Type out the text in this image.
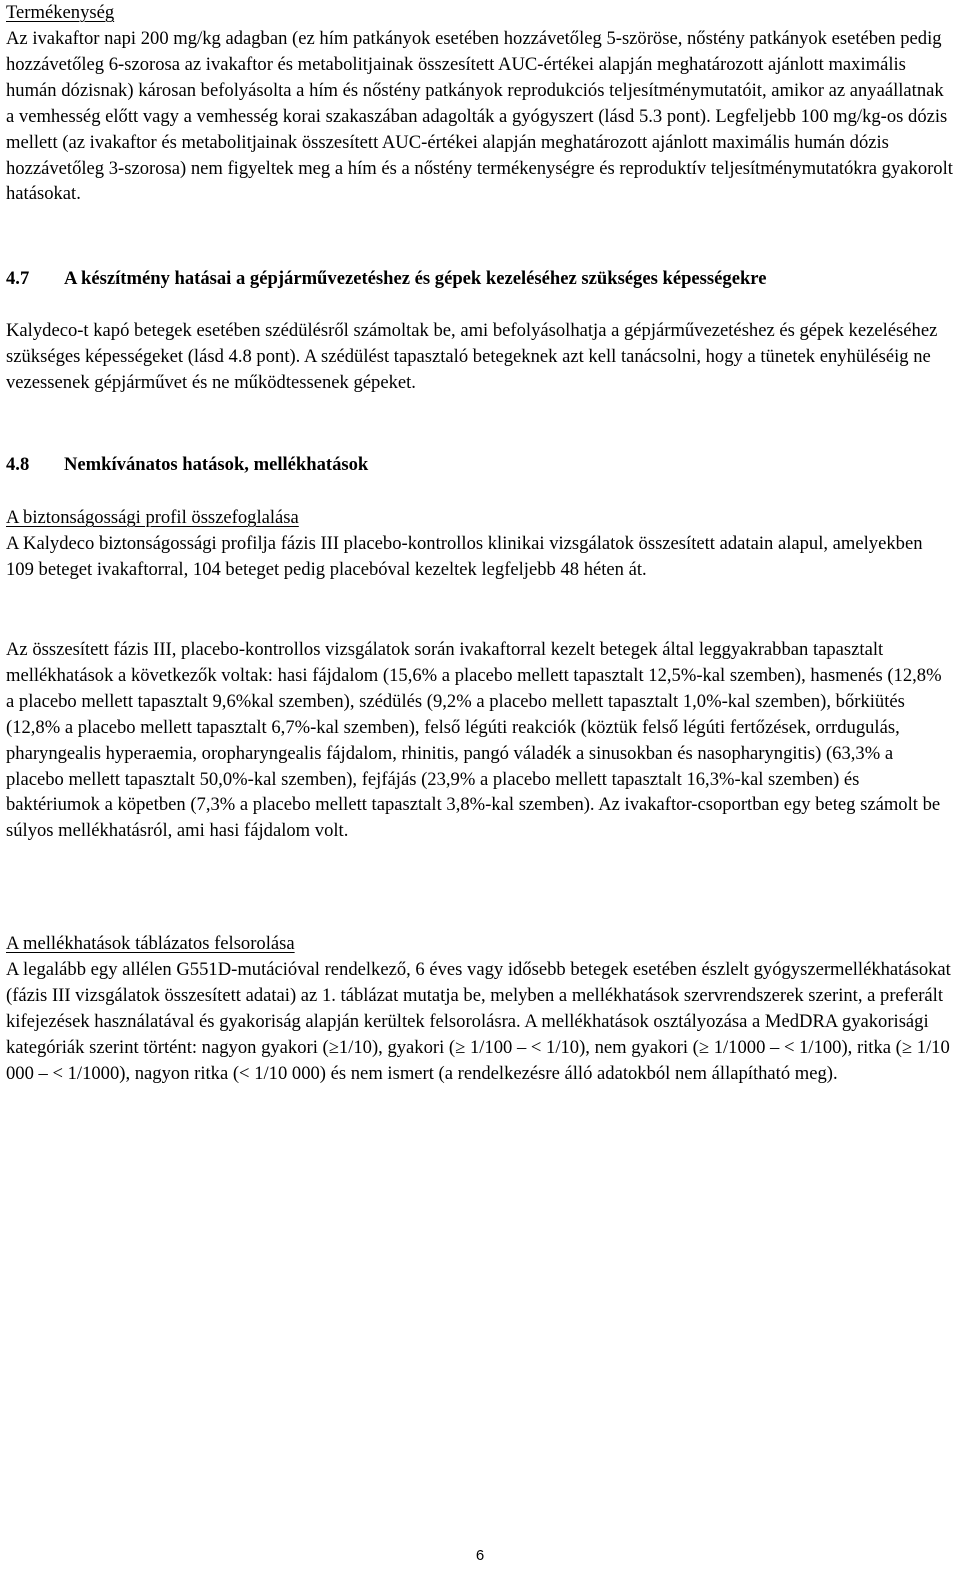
Termékenység

Az ivakaftor napi 200 mg/kg adagban (ez hím patkányok esetében hozzávetőleg 5-szöröse, nőstény patkányok esetében pedig hozzávetőleg 6-szorosa az ivakaftor és metabolitjainak összesített AUC-értékei alapján meghatározott ajánlott maximális humán dózisnak) károsan befolyásolta a hím és nőstény patkányok reprodukciós teljesítménymutatóit, amikor az anyaállatnak a vemhesség előtt vagy a vemhesség korai szakaszában adagolták a gyógyszert (lásd 5.3 pont). Legfeljebb 100 mg/kg-os dózis mellett (az ivakaftor és metabolitjainak összesített AUC-értékei alapján meghatározott ajánlott maximális humán dózis hozzávetőleg 3-szorosa) nem figyeltek meg a hím és a nőstény termékenységre és reproduktív teljesítménymutatókra gyakorolt hatásokat.

4.7	A készítmény hatásai a gépjárművezetéshez és gépek kezeléséhez szükséges képességekre

Kalydeco-t kapó betegek esetében szédülésről számoltak be, ami befolyásolhatja a gépjárművezetéshez és gépek kezeléséhez szükséges képességeket (lásd 4.8 pont). A szédülést tapasztaló betegeknek azt kell tanácsolni, hogy a tünetek enyhüléséig ne vezessenek gépjárművet és ne működtessenek gépeket.

4.8	Nemkívánatos hatások, mellékhatások

A biztonságossági profil összefoglalása

A Kalydeco biztonságossági profilja fázis III placebo-kontrollos klinikai vizsgálatok összesített adatain alapul, amelyekben 109 beteget ivakaftorral, 104 beteget pedig placebóval kezeltek legfeljebb 48 héten át.

Az összesített fázis III, placebo-kontrollos vizsgálatok során ivakaftorral kezelt betegek által leggyakrabban tapasztalt mellékhatások a következők voltak: hasi fájdalom (15,6% a placebo mellett tapasztalt 12,5%-kal szemben), hasmenés (12,8% a placebo mellett tapasztalt 9,6%kal szemben), szédülés (9,2% a placebo mellett tapasztalt 1,0%-kal szemben), bőrkiütés (12,8% a placebo mellett tapasztalt 6,7%-kal szemben), felső légúti reakciók (köztük felső légúti fertőzések, orrdugulás, pharyngealis hyperaemia, oropharyngealis fájdalom, rhinitis, pangó váladék a sinusokban és nasopharyngitis) (63,3% a placebo mellett tapasztalt 50,0%-kal szemben), fejfájás (23,9% a placebo mellett tapasztalt 16,3%-kal szemben) és baktériumok a köpetben (7,3% a placebo mellett tapasztalt 3,8%-kal szemben). Az ivakaftor-csoportban egy beteg számolt be súlyos mellékhatásról, ami hasi fájdalom volt.

A mellékhatások táblázatos felsorolása

A legalább egy allélen G551D-mutációval rendelkező, 6 éves vagy idősebb betegek esetében észlelt gyógyszermellékhatásokat (fázis III vizsgálatok összesített adatai) az 1. táblázat mutatja be, melyben a mellékhatások szervrendszerek szerint, a preferált kifejezések használatával és gyakoriság alapján kerültek felsorolásra. A mellékhatások osztályozása a MedDRA gyakorisági kategóriák szerint történt: nagyon gyakori (≥1/10), gyakori (≥ 1/100 – < 1/10), nem gyakori (≥ 1/1000 – < 1/100), ritka (≥ 1/10 000 – < 1/1000), nagyon ritka (< 1/10 000) és nem ismert (a rendelkezésre álló adatokból nem állapítható meg).

6
